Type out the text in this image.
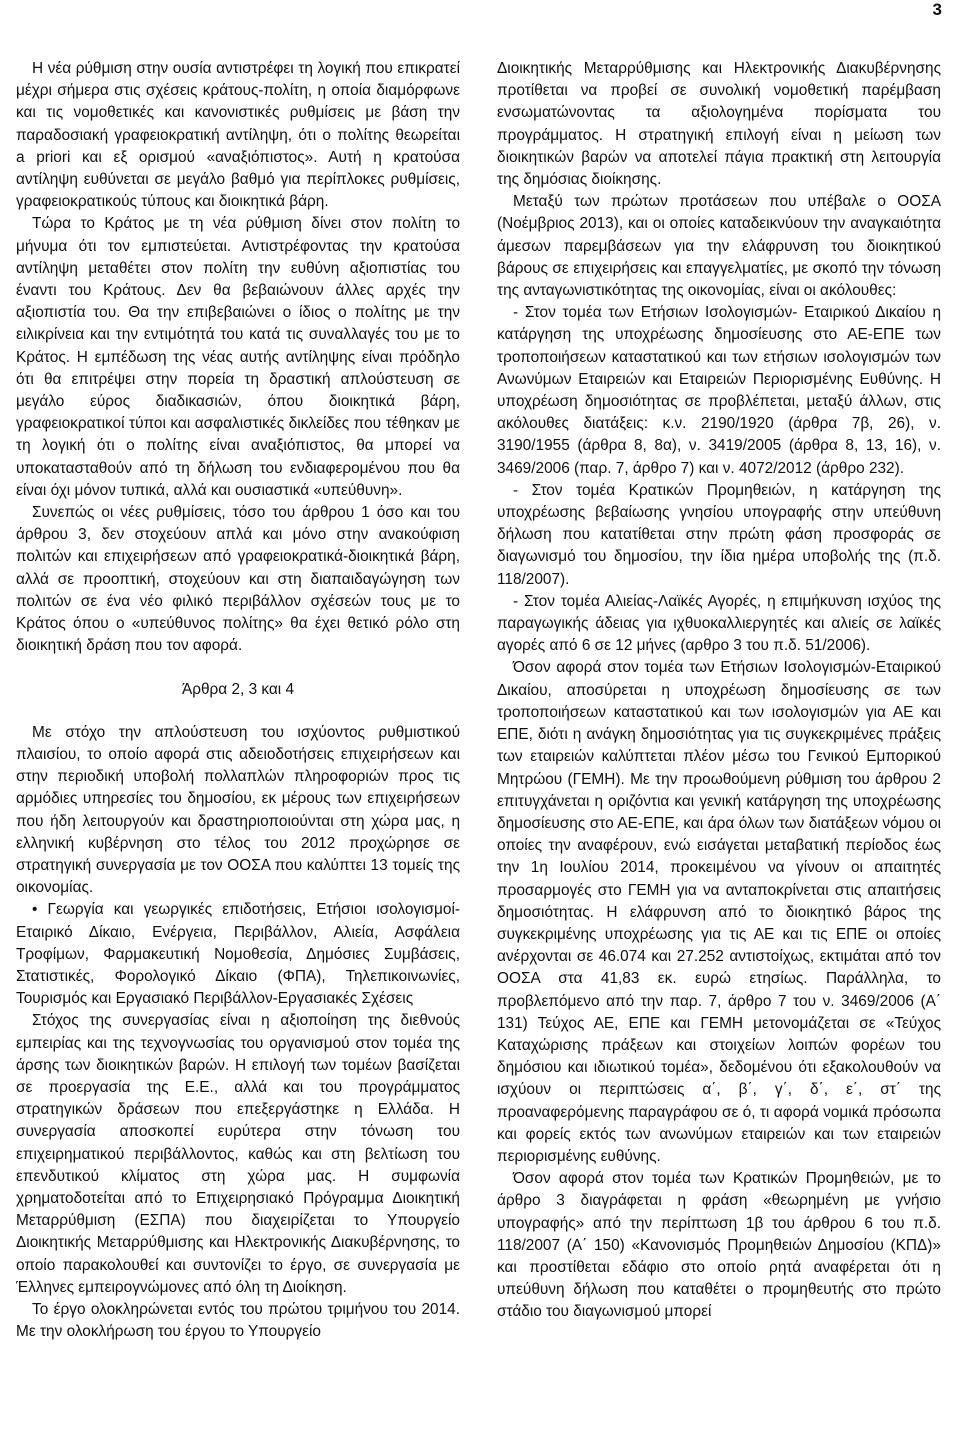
3

Η νέα ρύθμιση στην ουσία αντιστρέφει τη λογική που επικρατεί μέχρι σήμερα στις σχέσεις κράτους-πολίτη, η οποία διαμόρφωνε και τις νομοθετικές και κανονιστικές ρυθμίσεις με βάση την παραδοσιακή γραφειοκρατική αντίληψη, ότι ο πολίτης θεωρείται a priori και εξ ορισμού «αναξιόπιστος». Αυτή η κρατούσα αντίληψη ευθύνεται σε μεγάλο βαθμό για περίπλοκες ρυθμίσεις, γραφειοκρατικούς τύπους και διοικητικά βάρη.

Τώρα το Κράτος με τη νέα ρύθμιση δίνει στον πολίτη το μήνυμα ότι τον εμπιστεύεται. Αντιστρέφοντας την κρατούσα αντίληψη μεταθέτει στον πολίτη την ευθύνη αξιοπιστίας του έναντι του Κράτους. Δεν θα βεβαιώνουν άλλες αρχές την αξιοπιστία του. Θα την επιβεβαιώνει ο ίδιος ο πολίτης με την ειλικρίνεια και την εντιμότητά του κατά τις συναλλαγές του με το Κράτος. Η εμπέδωση της νέας αυτής αντίληψης είναι πρόδηλο ότι θα επιτρέψει στην πορεία τη δραστική απλούστευση σε μεγάλο εύρος διαδικασιών, όπου διοικητικά βάρη, γραφειοκρατικοί τύποι και ασφαλιστικές δικλείδες που τέθηκαν με τη λογική ότι ο πολίτης είναι αναξιόπιστος, θα μπορεί να υποκατασταθούν από τη δήλωση του ενδιαφερομένου που θα είναι όχι μόνον τυπικά, αλλά και ουσιαστικά «υπεύθυνη».

Συνεπώς οι νέες ρυθμίσεις, τόσο του άρθρου 1 όσο και του άρθρου 3, δεν στοχεύουν απλά και μόνο στην ανακούφιση πολιτών και επιχειρήσεων από γραφειοκρατικά-διοικητικά βάρη, αλλά σε προοπτική, στοχεύουν και στη διαπαιδαγώγηση των πολιτών σε ένα νέο φιλικό περιβάλλον σχέσεών τους με το Κράτος όπου ο «υπεύθυνος πολίτης» θα έχει θετικό ρόλο στη διοικητική δράση που τον αφορά.

Άρθρα 2, 3 και 4

Με στόχο την απλούστευση του ισχύοντος ρυθμιστικού πλαισίου, το οποίο αφορά στις αδειοδοτήσεις επιχειρήσεων και στην περιοδική υποβολή πολλαπλών πληροφοριών προς τις αρμόδιες υπηρεσίες του δημοσίου, εκ μέρους των επιχειρήσεων που ήδη λειτουργούν και δραστηριοποιούνται στη χώρα μας, η ελληνική κυβέρνηση στο τέλος του 2012 προχώρησε σε στρατηγική συνεργασία με τον ΟΟΣΑ που καλύπτει 13 τομείς της οικονομίας.

• Γεωργία και γεωργικές επιδοτήσεις, Ετήσιοι ισολογισμοί-Εταιρικό Δίκαιο, Ενέργεια, Περιβάλλον, Αλιεία, Ασφάλεια Τροφίμων, Φαρμακευτική Νομοθεσία, Δημόσιες Συμβάσεις, Στατιστικές, Φορολογικό Δίκαιο (ΦΠΑ), Τηλεπικοινωνίες, Τουρισμός και Εργασιακό Περιβάλλον-Εργασιακές Σχέσεις

Στόχος της συνεργασίας είναι η αξιοποίηση της διεθνούς εμπειρίας και της τεχνογνωσίας του οργανισμού στον τομέα της άρσης των διοικητικών βαρών. Η επιλογή των τομέων βασίζεται σε προεργασία της Ε.Ε., αλλά και του προγράμματος στρατηγικών δράσεων που επεξεργάστηκε η Ελλάδα. Η συνεργασία αποσκοπεί ευρύτερα στην τόνωση του επιχειρηματικού περιβάλλοντος, καθώς και στη βελτίωση του επενδυτικού κλίματος στη χώρα μας. Η συμφωνία χρηματοδοτείται από το Επιχειρησιακό Πρόγραμμα Διοικητική Μεταρρύθμιση (ΕΣΠΑ) που διαχειρίζεται το Υπουργείο Διοικητικής Μεταρρύθμισης και Ηλεκτρονικής Διακυβέρνησης, το οποίο παρακολουθεί και συντονίζει το έργο, σε συνεργασία με Έλληνες εμπειρογνώμονες από όλη τη Διοίκηση.

Το έργο ολοκληρώνεται εντός του πρώτου τριμήνου του 2014. Με την ολοκλήρωση του έργου το Υπουργείο

Διοικητικής Μεταρρύθμισης και Ηλεκτρονικής Διακυβέρνησης προτίθεται να προβεί σε συνολική νομοθετική παρέμβαση ενσωματώνοντας τα αξιολογημένα πορίσματα του προγράμματος. Η στρατηγική επιλογή είναι η μείωση των διοικητικών βαρών να αποτελεί πάγια πρακτική στη λειτουργία της δημόσιας διοίκησης.

Μεταξύ των πρώτων προτάσεων που υπέβαλε ο ΟΟΣΑ (Νοέμβριος 2013), και οι οποίες καταδεικνύουν την αναγκαιότητα άμεσων παρεμβάσεων για την ελάφρυνση του διοικητικού βάρους σε επιχειρήσεις και επαγγελματίες, με σκοπό την τόνωση της ανταγωνιστικότητας της οικονομίας, είναι οι ακόλουθες:

- Στον τομέα των Ετήσιων Ισολογισμών- Εταιρικού Δικαίου η κατάργηση της υποχρέωσης δημοσίευσης στο ΑΕ-ΕΠΕ των τροποποιήσεων καταστατικού και των ετήσιων ισολογισμών των Ανωνύμων Εταιρειών και Εταιρειών Περιορισμένης Ευθύνης. Η υποχρέωση δημοσιότητας σε προβλέπεται, μεταξύ άλλων, στις ακόλουθες διατάξεις: κ.ν. 2190/1920 (άρθρα 7β, 26), ν. 3190/1955 (άρθρα 8, 8α), ν. 3419/2005 (άρθρα 8, 13, 16), ν. 3469/2006 (παρ. 7, άρθρο 7) και ν. 4072/2012 (άρθρο 232).

- Στον τομέα Κρατικών Προμηθειών, η κατάργηση της υποχρέωσης βεβαίωσης γνησίου υπογραφής στην υπεύθυνη δήλωση που κατατίθεται στην πρώτη φάση προσφοράς σε διαγωνισμό του δημοσίου, την ίδια ημέρα υποβολής της (π.δ. 118/2007).

- Στον τομέα Αλιείας-Λαϊκές Αγορές, η επιμήκυνση ισχύος της παραγωγικής άδειας για ιχθυοκαλλιεργητές και αλιείς σε λαϊκές αγορές από 6 σε 12 μήνες (αρθρο 3 του π.δ. 51/2006).

Όσον αφορά στον τομέα των Ετήσιων Ισολογισμών-Εταιρικού Δικαίου, αποσύρεται η υποχρέωση δημοσίευσης σε των τροποποιήσεων καταστατικού και των ισολογισμών για ΑΕ και ΕΠΕ, διότι η ανάγκη δημοσιότητας για τις συγκεκριμένες πράξεις των εταιρειών καλύπτεται πλέον μέσω του Γενικού Εμπορικού Μητρώου (ΓΕΜΗ). Με την προωθούμενη ρύθμιση του άρθρου 2 επιτυγχάνεται η οριζόντια και γενική κατάργηση της υποχρέωσης δημοσίευσης στο ΑΕ-ΕΠΕ, και άρα όλων των διατάξεων νόμου οι οποίες την αναφέρουν, ενώ εισάγεται μεταβατική περίοδος έως την 1η Ιουλίου 2014, προκειμένου να γίνουν οι απαιτητές προσαρμογές στο ΓΕΜΗ για να ανταποκρίνεται στις απαιτήσεις δημοσιότητας. Η ελάφρυνση από το διοικητικό βάρος της συγκεκριμένης υποχρέωσης για τις ΑΕ και τις ΕΠΕ οι οποίες ανέρχονται σε 46.074 και 27.252 αντιστοίχως, εκτιμάται από τον ΟΟΣΑ στα 41,83 εκ. ευρώ ετησίως. Παράλληλα, το προβλεπόμενο από την παρ. 7, άρθρο 7 του ν. 3469/2006 (Α΄ 131) Τεύχος ΑΕ, ΕΠΕ και ΓΕΜΗ μετονομάζεται σε «Τεύχος Καταχώρισης πράξεων και στοιχείων λοιπών φορέων του δημόσιου και ιδιωτικού τομέα», δεδομένου ότι εξακολουθούν να ισχύουν οι περιπτώσεις α΄, β΄, γ΄, δ΄, ε΄, στ΄ της προαναφερόμενης παραγράφου σε ό, τι αφορά νομικά πρόσωπα και φορείς εκτός των ανωνύμων εταιρειών και των εταιρειών περιορισμένης ευθύνης.

Όσον αφορά στον τομέα των Κρατικών Προμηθειών, με το άρθρο 3 διαγράφεται η φράση «θεωρημένη με γνήσιο υπογραφής» από την περίπτωση 1β του άρθρου 6 του π.δ. 118/2007 (Α΄ 150) «Κανονισμός Προμηθειών Δημοσίου (ΚΠΔ)» και προστίθεται εδάφιο στο οποίο ρητά αναφέρεται ότι η υπεύθυνη δήλωση που καταθέτει ο προμηθευτής στο πρώτο στάδιο του διαγωνισμού μπορεί
